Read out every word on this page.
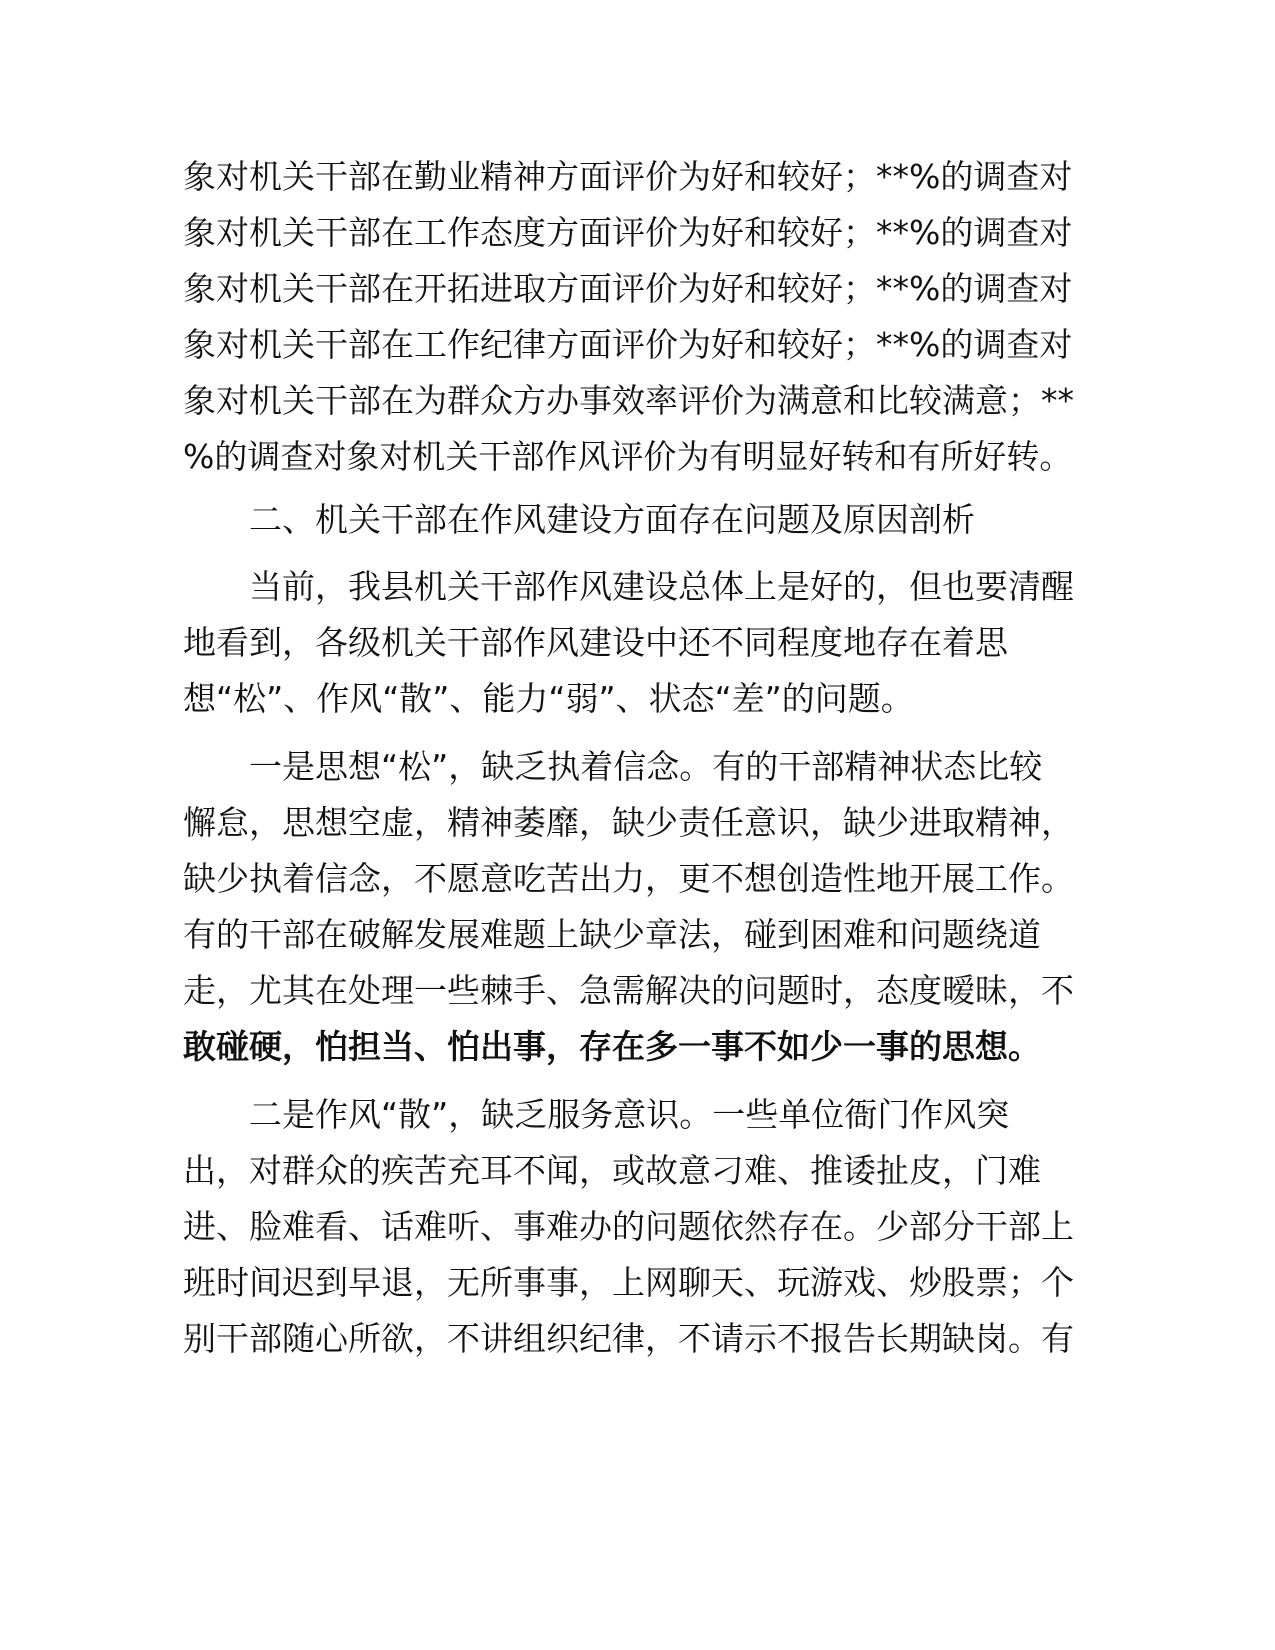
象对机关干部在勤业精神方面评价为好和较好；**%的调查对
象对机关干部在工作态度方面评价为好和较好；**%的调查对
象对机关干部在开拓进取方面评价为好和较好；**%的调查对
象对机关干部在工作纪律方面评价为好和较好；**%的调查对
象对机关干部在为群众方办事效率评价为满意和比较满意；**
%的调查对象对机关干部作风评价为有明显好转和有所好转。
二、机关干部在作风建设方面存在问题及原因剖析
当前，我县机关干部作风建设总体上是好的，但也要清醒
地看到，各级机关干部作风建设中还不同程度地存在着思
想“松”、作风“散”、能力“弱”、状态“差”的问题。
一是思想“松”，缺乏执着信念。有的干部精神状态比较
懈怠，思想空虚，精神萎靡，缺少责任意识，缺少进取精神，
缺少执着信念，不愿意吃苦出力，更不想创造性地开展工作。
有的干部在破解发展难题上缺少章法，碰到困难和问题绕道
走，尤其在处理一些棘手、急需解决的问题时，态度暧昧，不
敢碰硬，怕担当、怕出事，存在多一事不如少一事的思想。
二是作风“散”，缺乏服务意识。一些单位衙门作风突
出，对群众的疾苦充耳不闻，或故意刁难、推诿扯皮，门难
进、脸难看、话难听、事难办的问题依然存在。少部分干部上
班时间迟到早退，无所事事，上网聊天、玩游戏、炒股票；个
别干部随心所欲，不讲组织纪律，不请示不报告长期缺岗。有
